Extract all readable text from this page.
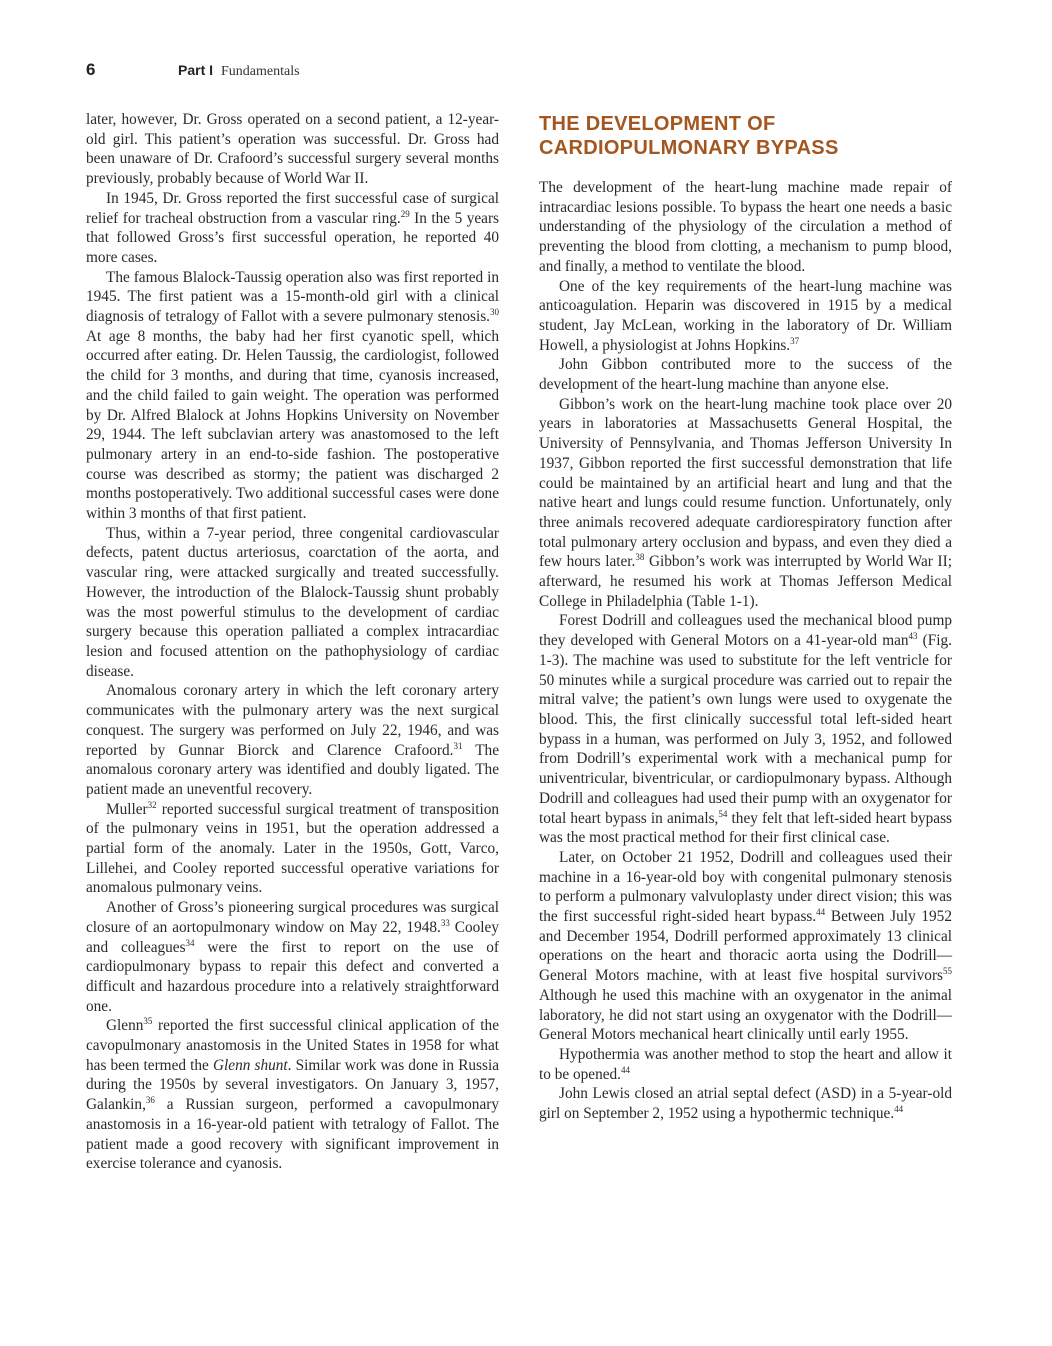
6	Part I Fundamentals

later, however, Dr. Gross operated on a second patient, a 12-year-old girl. This patient’s operation was successful. Dr. Gross had been unaware of Dr. Crafoord’s successful surgery several months previously, probably because of World War II.

In 1945, Dr. Gross reported the first successful case of surgical relief for tracheal obstruction from a vascular ring.$^{29}$ In the 5 years that followed Gross’s first successful operation, he reported 40 more cases.

The famous Blalock-Taussig operation also was first reported in 1945. The first patient was a 15-month-old girl with a clinical diagnosis of tetralogy of Fallot with a severe pulmonary stenosis.$^{30}$ At age 8 months, the baby had her first cyanotic spell, which occurred after eating. Dr. Helen Taussig, the cardiologist, followed the child for 3 months, and during that time, cyanosis increased, and the child failed to gain weight. The operation was performed by Dr. Alfred Blalock at Johns Hopkins University on November 29, 1944. The left subclavian artery was anastomosed to the left pulmonary artery in an end-to-side fashion. The postoperative course was described as stormy; the patient was discharged 2 months postoperatively. Two additional successful cases were done within 3 months of that first patient.

Thus, within a 7-year period, three congenital cardiovascular defects, patent ductus arteriosus, coarctation of the aorta, and vascular ring, were attacked surgically and treated successfully. However, the introduction of the Blalock-Taussig shunt probably was the most powerful stimulus to the development of cardiac surgery because this operation palliated a complex intracardiac lesion and focused attention on the pathophysiology of cardiac disease.

Anomalous coronary artery in which the left coronary artery communicates with the pulmonary artery was the next surgical conquest. The surgery was performed on July 22, 1946, and was reported by Gunnar Biorck and Clarence Crafoord.$^{31}$ The anomalous coronary artery was identified and doubly ligated. The patient made an uneventful recovery.

Muller$^{32}$ reported successful surgical treatment of transposition of the pulmonary veins in 1951, but the operation addressed a partial form of the anomaly. Later in the 1950s, Gott, Varco, Lillehei, and Cooley reported successful operative variations for anomalous pulmonary veins.

Another of Gross’s pioneering surgical procedures was surgical closure of an aortopulmonary window on May 22, 1948.33 Cooley and colleagues$^{34}$ were the first to report on the use of cardiopulmonary bypass to repair this defect and converted a difficult and hazardous procedure into a relatively straightforward one.

Glenn$^{35}$ reported the first successful clinical application of the cavopulmonary anastomosis in the United States in 1958 for what has been termed the Glenn shunt. Similar work was done in Russia during the 1950s by several investigators. On January 3, 1957, Galankin,$^{36}$ a Russian surgeon, performed a cavopulmonary anastomosis in a 16-year-old patient with tetralogy of Fallot. The patient made a good recovery with significant improvement in exercise tolerance and cyanosis.

THE DEVELOPMENT OF
CARDIOPULMONARY BYPASS

The development of the heart-lung machine made repair of intracardiac lesions possible. To bypass the heart one needs a basic understanding of the physiology of the circulation a method of preventing the blood from clotting, a mechanism to pump blood, and finally, a method to ventilate the blood.

One of the key requirements of the heart-lung machine was anticoagulation. Heparin was discovered in 1915 by a medical student, Jay McLean, working in the laboratory of Dr. William Howell, a physiologist at Johns Hopkins.$^{37}$

John Gibbon contributed more to the success of the development of the heart-lung machine than anyone else.

Gibbon’s work on the heart-lung machine took place over 20 years in laboratories at Massachusetts General Hospital, the University of Pennsylvania, and Thomas Jefferson University In 1937, Gibbon reported the first successful demonstration that life could be maintained by an artificial heart and lung and that the native heart and lungs could resume function. Unfortunately, only three animals recovered adequate cardiorespiratory function after total pulmonary artery occlusion and bypass, and even they died a few hours later.$^{38}$ Gibbon’s work was interrupted by World War II; afterward, he resumed his work at Thomas Jefferson Medical College in Philadelphia (Table 1-1).

Forest Dodrill and colleagues used the mechanical blood pump they developed with General Motors on a 41-year-old man$^{43}$ (Fig. 1-3). The machine was used to substitute for the left ventricle for 50 minutes while a surgical procedure was carried out to repair the mitral valve; the patient’s own lungs were used to oxygenate the blood. This, the first clinically successful total left-sided heart bypass in a human, was performed on July 3, 1952, and followed from Dodrill’s experimental work with a mechanical pump for univentricular, biventricular, or cardiopulmonary bypass. Although Dodrill and colleagues had used their pump with an oxygenator for total heart bypass in animals,$^{54}$ they felt that left-sided heart bypass was the most practical method for their first clinical case.

Later, on October 21 1952, Dodrill and colleagues used their machine in a 16-year-old boy with congenital pulmonary stenosis to perform a pulmonary valvuloplasty under direct vision; this was the first successful right-sided heart bypass.$^{44}$ Between July 1952 and December 1954, Dodrill performed approximately 13 clinical operations on the heart and thoracic aorta using the Dodrill—General Motors machine, with at least five hospital survivors$^{55}$ Although he used this machine with an oxygenator in the animal laboratory, he did not start using an oxygenator with the Dodrill—General Motors mechanical heart clinically until early 1955.

Hypothermia was another method to stop the heart and allow it to be opened.$^{44}$

John Lewis closed an atrial septal defect (ASD) in a 5-year-old girl on September 2, 1952 using a hypothermic technique.$^{44}$
